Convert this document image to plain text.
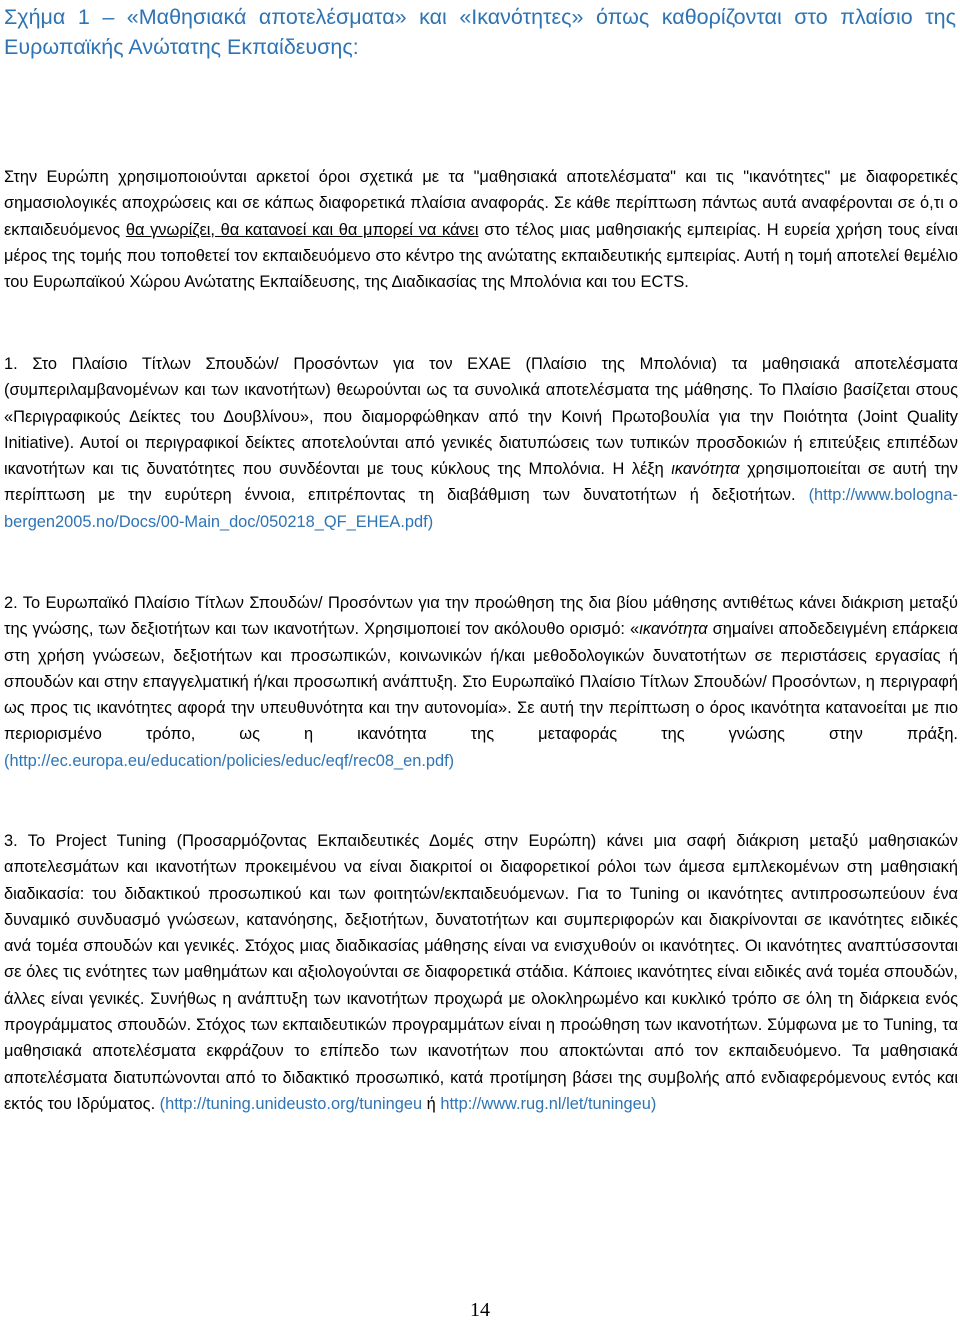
Σχήμα 1 – «Μαθησιακά αποτελέσματα» και «Ικανότητες» όπως καθορίζονται στο πλαίσιο της Ευρωπαϊκής Ανώτατης Εκπαίδευσης:

Στην Ευρώπη χρησιμοποιούνται αρκετοί όροι σχετικά με τα "μαθησιακά αποτελέσματα" και τις "ικανότητες" με διαφορετικές σημασιολογικές αποχρώσεις και σε κάπως διαφορετικά πλαίσια αναφοράς. Σε κάθε περίπτωση πάντως αυτά αναφέρονται σε ό,τι ο εκπαιδευόμενος θα γνωρίζει, θα κατανοεί και θα μπορεί να κάνει στο τέλος μιας μαθησιακής εμπειρίας. Η ευρεία χρήση τους είναι μέρος της τομής που τοποθετεί τον εκπαιδευόμενο στο κέντρο της ανώτατης εκπαιδευτικής εμπειρίας. Αυτή η τομή αποτελεί θεμέλιο του Ευρωπαϊκού Χώρου Ανώτατης Εκπαίδευσης, της Διαδικασίας της Μπολόνια και του ECTS.

1. Στο Πλαίσιο Τίτλων Σπουδών/ Προσόντων για τον ΕΧΑΕ (Πλαίσιο της Μπολόνια) τα μαθησιακά αποτελέσματα (συμπεριλαμβανομένων και των ικανοτήτων) θεωρούνται ως τα συνολικά αποτελέσματα της μάθησης. Το Πλαίσιο βασίζεται στους «Περιγραφικούς Δείκτες του Δουβλίνου», που διαμορφώθηκαν από την Κοινή Πρωτοβουλία για την Ποιότητα (Joint Quality Initiative). Αυτοί οι περιγραφικοί δείκτες αποτελούνται από γενικές διατυπώσεις των τυπικών προσδοκιών ή επιτεύξεις επιπέδων ικανοτήτων και τις δυνατότητες που συνδέονται με τους κύκλους της Μπολόνια. Η λέξη ικανότητα χρησιμοποιείται σε αυτή την περίπτωση με την ευρύτερη έννοια, επιτρέποντας τη διαβάθμιση των δυνατοτήτων ή δεξιοτήτων. (http://www.bologna-bergen2005.no/Docs/00-Main_doc/050218_QF_EHEA.pdf)

2. Το Ευρωπαϊκό Πλαίσιο Τίτλων Σπουδών/ Προσόντων για την προώθηση της δια βίου μάθησης αντιθέτως κάνει διάκριση μεταξύ της γνώσης, των δεξιοτήτων και των ικανοτήτων. Χρησιμοποιεί τον ακόλουθο ορισμό: «ικανότητα σημαίνει αποδεδειγμένη επάρκεια στη χρήση γνώσεων, δεξιοτήτων και προσωπικών, κοινωνικών ή/και μεθοδολογικών δυνατοτήτων σε περιστάσεις εργασίας ή σπουδών και στην επαγγελματική ή/και προσωπική ανάπτυξη. Στο Ευρωπαϊκό Πλαίσιο Τίτλων Σπουδών/ Προσόντων, η περιγραφή ως προς τις ικανότητες αφορά την υπευθυνότητα και την αυτονομία». Σε αυτή την περίπτωση ο όρος ικανότητα κατανοείται με πιο περιορισμένο τρόπο, ως η ικανότητα της μεταφοράς της γνώσης στην πράξη. (http://ec.europa.eu/education/policies/educ/eqf/rec08_en.pdf)

3. Το Project Tuning (Προσαρμόζοντας Εκπαιδευτικές Δομές στην Ευρώπη) κάνει μια σαφή διάκριση μεταξύ μαθησιακών αποτελεσμάτων και ικανοτήτων προκειμένου να είναι διακριτοί οι διαφορετικοί ρόλοι των άμεσα εμπλεκομένων στη μαθησιακή διαδικασία: του διδακτικού προσωπικού και των φοιτητών/εκπαιδευόμενων. Για το Tuning οι ικανότητες αντιπροσωπεύουν ένα δυναμικό συνδυασμό γνώσεων, κατανόησης, δεξιοτήτων, δυνατοτήτων και συμπεριφορών και διακρίνονται σε ικανότητες ειδικές ανά τομέα σπουδών και γενικές. Στόχος μιας διαδικασίας μάθησης είναι να ενισχυθούν οι ικανότητες. Οι ικανότητες αναπτύσσονται σε όλες τις ενότητες των μαθημάτων και αξιολογούνται σε διαφορετικά στάδια. Κάποιες ικανότητες είναι ειδικές ανά τομέα σπουδών, άλλες είναι γενικές. Συνήθως η ανάπτυξη των ικανοτήτων προχωρά με ολοκληρωμένο και κυκλικό τρόπο σε όλη τη διάρκεια ενός προγράμματος σπουδών. Στόχος των εκπαιδευτικών προγραμμάτων είναι η προώθηση των ικανοτήτων. Σύμφωνα με το Tuning, τα μαθησιακά αποτελέσματα εκφράζουν το επίπεδο των ικανοτήτων που αποκτώνται από τον εκπαιδευόμενο. Τα μαθησιακά αποτελέσματα διατυπώνονται από το διδακτικό προσωπικό, κατά προτίμηση βάσει της συμβολής από ενδιαφερόμενους εντός και εκτός του Ιδρύματος. (http://tuning.unideusto.org/tuningeu ή http://www.rug.nl/let/tuningeu)

14
